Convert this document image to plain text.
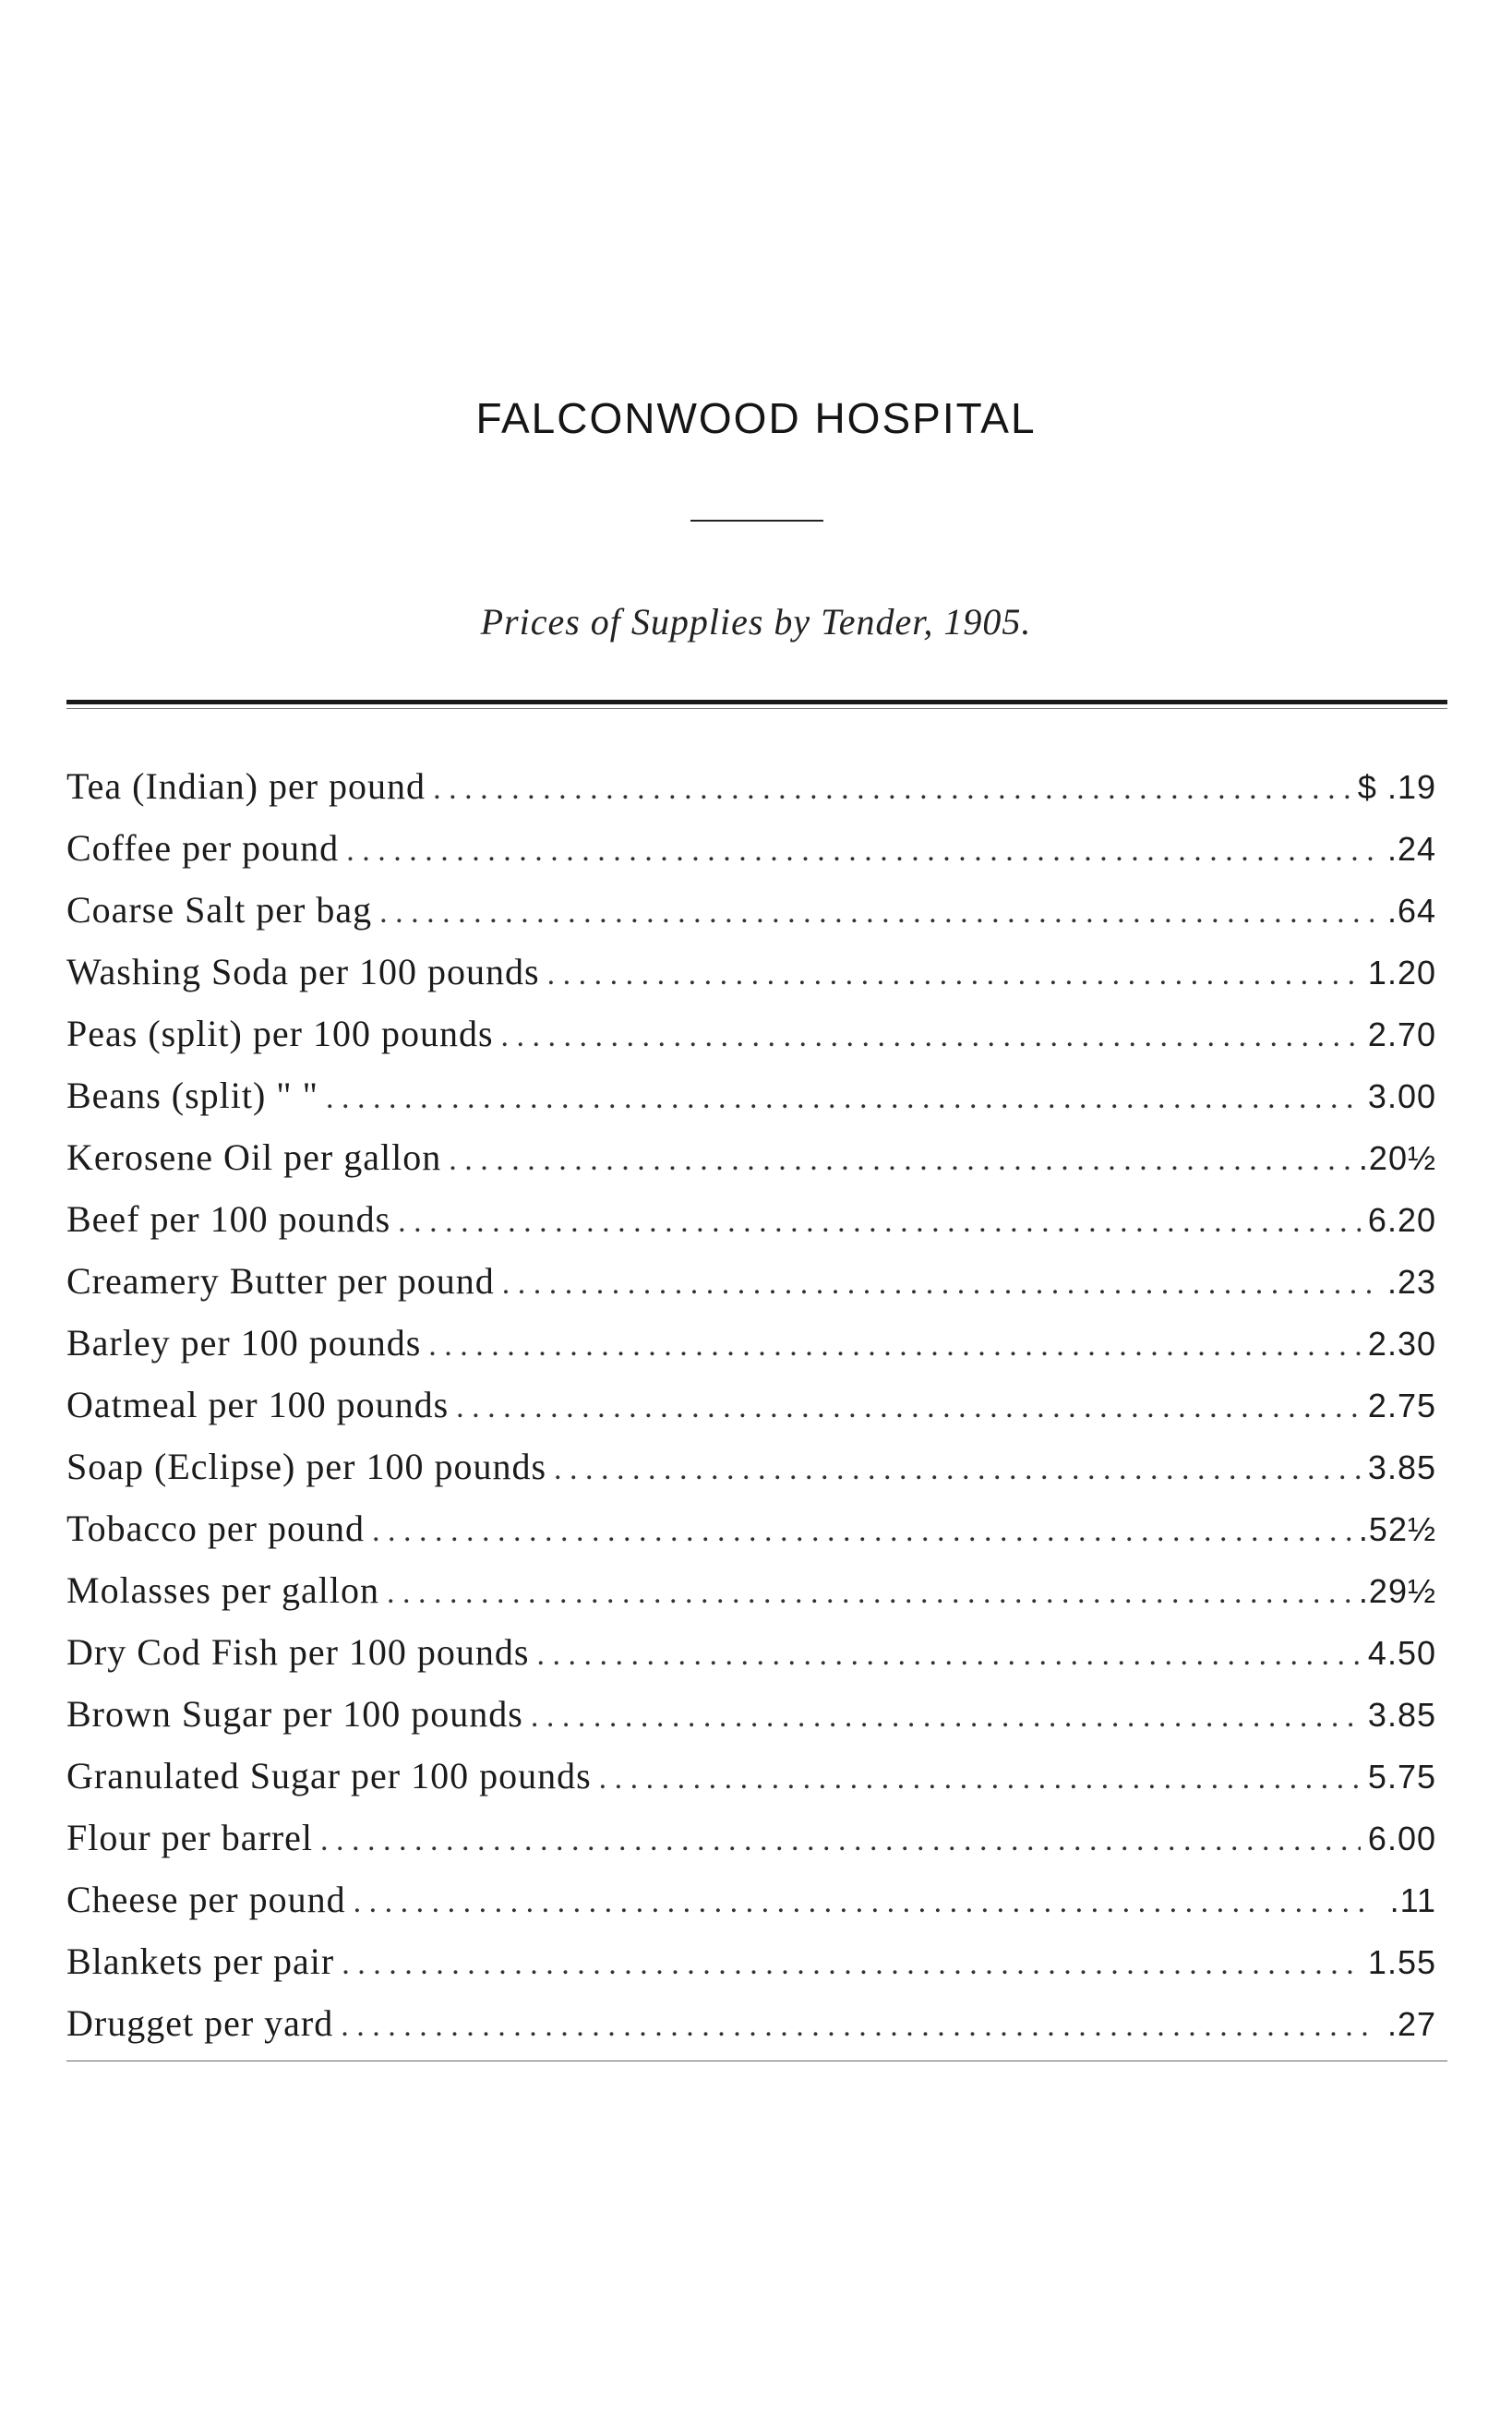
FALCONWOOD HOSPITAL
Prices of Supplies by Tender, 1905.
Tea (Indian) per pound . . .	$ .19
Coffee per pound . . .	.24
Coarse Salt per bag . . .	.64
Washing Soda per 100 pounds . . .	1.20
Peas (split) per 100 pounds . . .	2.70
Beans (split) " " . . .	3.00
Kerosene Oil per gallon . . .	.20½
Beef per 100 pounds . . .	6.20
Creamery Butter per pound . . .	.23
Barley per 100 pounds . . .	2.30
Oatmeal per 100 pounds . . .	2.75
Soap (Eclipse) per 100 pounds . . .	3.85
Tobacco per pound . . .	.52½
Molasses per gallon . . .	.29½
Dry Cod Fish per 100 pounds . . .	4.50
Brown Sugar per 100 pounds . . .	3.85
Granulated Sugar per 100 pounds . . .	5.75
Flour per barrel . . .	6.00
Cheese per pound . . .	.11
Blankets per pair . . .	1.55
Drugget per yard . . .	.27
